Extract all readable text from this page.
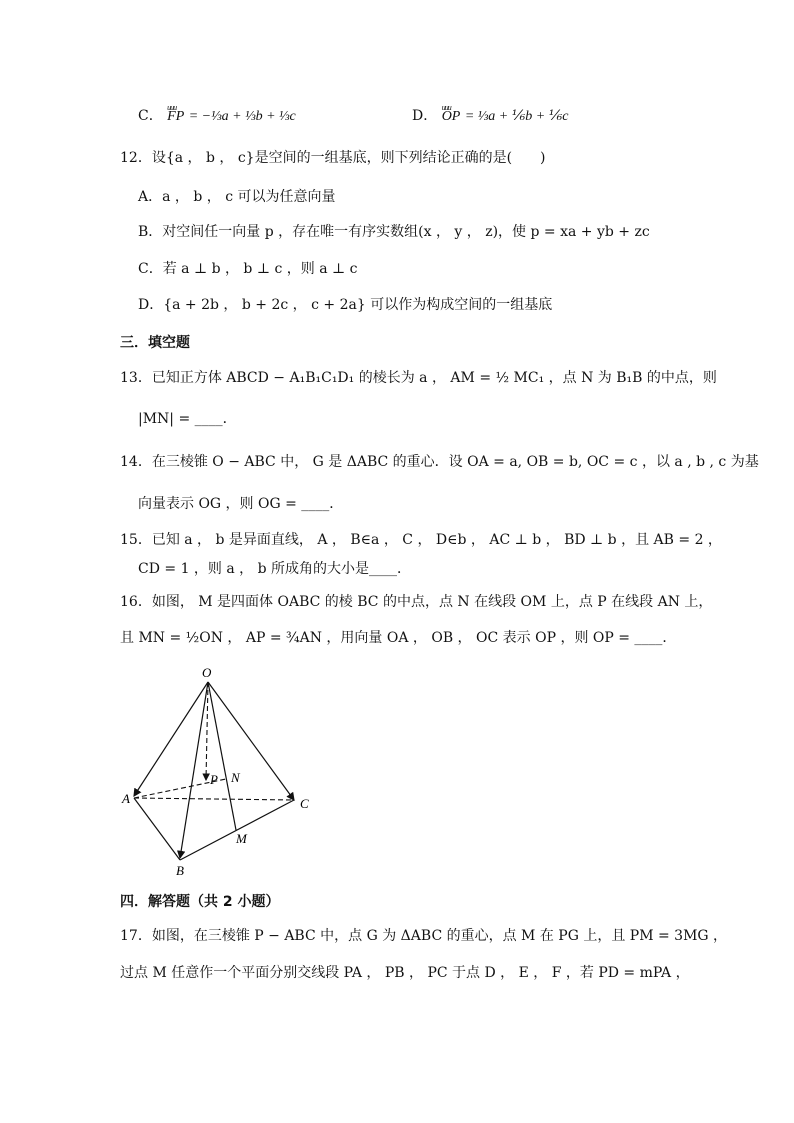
C． uuu FP = −⅓a + ⅓b + ⅓c	D． uuu OP = ⅓a + ⅙b + ⅙c
12．设{a ， b ， c}是空间的一组基底，则下列结论正确的是(　　)
A．a ， b ， c 可以为任意向量
B．对空间任一向量 p ，存在唯一有序实数组(x ， y ， z)，使 p = xa + yb + zc
C．若 a ⊥ b ， b ⊥ c ，则 a ⊥ c
D．{a + 2b ， b + 2c ， c + 2a} 可以作为构成空间的一组基底
三．填空题
13．已知正方体 ABCD − A₁B₁C₁D₁ 的棱长为 a ， AM = ½ MC₁ ，点 N 为 B₁B 的中点，则
|MN| = ____．
14．在三棱锥 O − ABC 中， G 是 ΔABC 的重心．设 OA = a, OB = b, OC = c ，以 a , b , c 为基
向量表示 OG ，则 OG = ____．
15．已知 a ， b 是异面直线， A ， B∈a ， C ， D∈b ， AC ⊥ b ， BD ⊥ b ，且 AB = 2 ，
CD = 1 ，则 a ， b 所成角的大小是____．
16．如图， M 是四面体 OABC 的棱 BC 的中点，点 N 在线段 OM 上，点 P 在线段 AN 上，
且 MN = ½ON ， AP = ¾AN ，用向量 OA ， OB ， OC 表示 OP ，则 OP = ____．
O
A
B
C
M
N
P
四．解答题（共 2 小题）
17．如图，在三棱锥 P − ABC 中，点 G 为 ΔABC 的重心，点 M 在 PG 上，且 PM = 3MG ，
过点 M 任意作一个平面分别交线段 PA ， PB ， PC 于点 D ， E ， F ，若 PD = mPA ，
